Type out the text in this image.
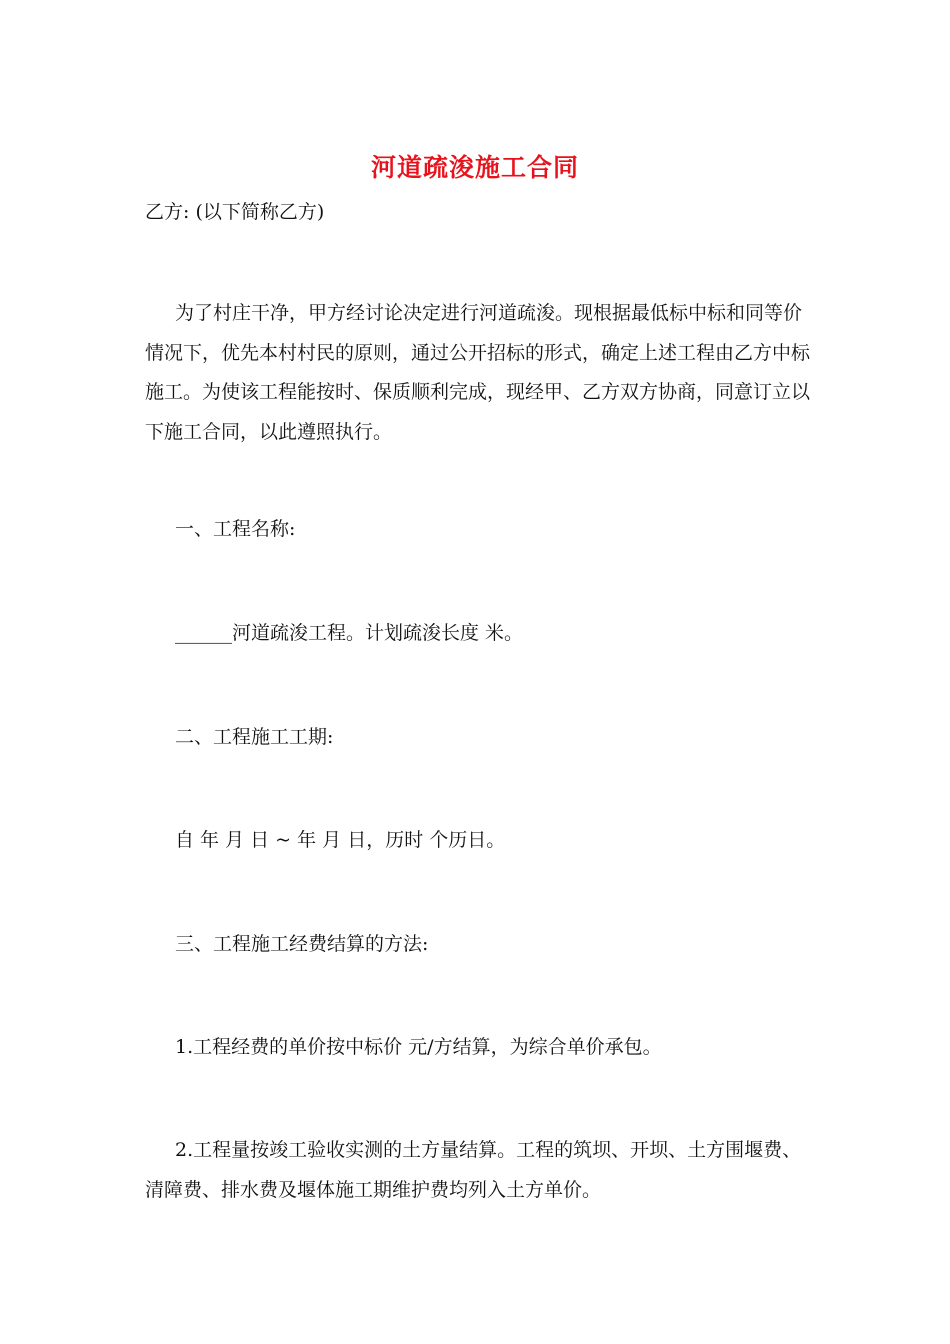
河道疏浚施工合同
乙方: (以下简称乙方)
为了村庄干净，甲方经讨论决定进行河道疏浚。现根据最低标中标和同等价情况下，优先本村村民的原则，通过公开招标的形式，确定上述工程由乙方中标施工。为使该工程能按时、保质顺利完成，现经甲、乙方双方协商，同意订立以下施工合同，以此遵照执行。
一、工程名称:
______河道疏浚工程。计划疏浚长度 米。
二、工程施工工期:
自 年 月 日 ~ 年 月 日，历时 个历日。
三、工程施工经费结算的方法:
1.工程经费的单价按中标价 元/方结算，为综合单价承包。
2.工程量按竣工验收实测的土方量结算。工程的筑坝、开坝、土方围堰费、清障费、排水费及堰体施工期维护费均列入土方单价。
